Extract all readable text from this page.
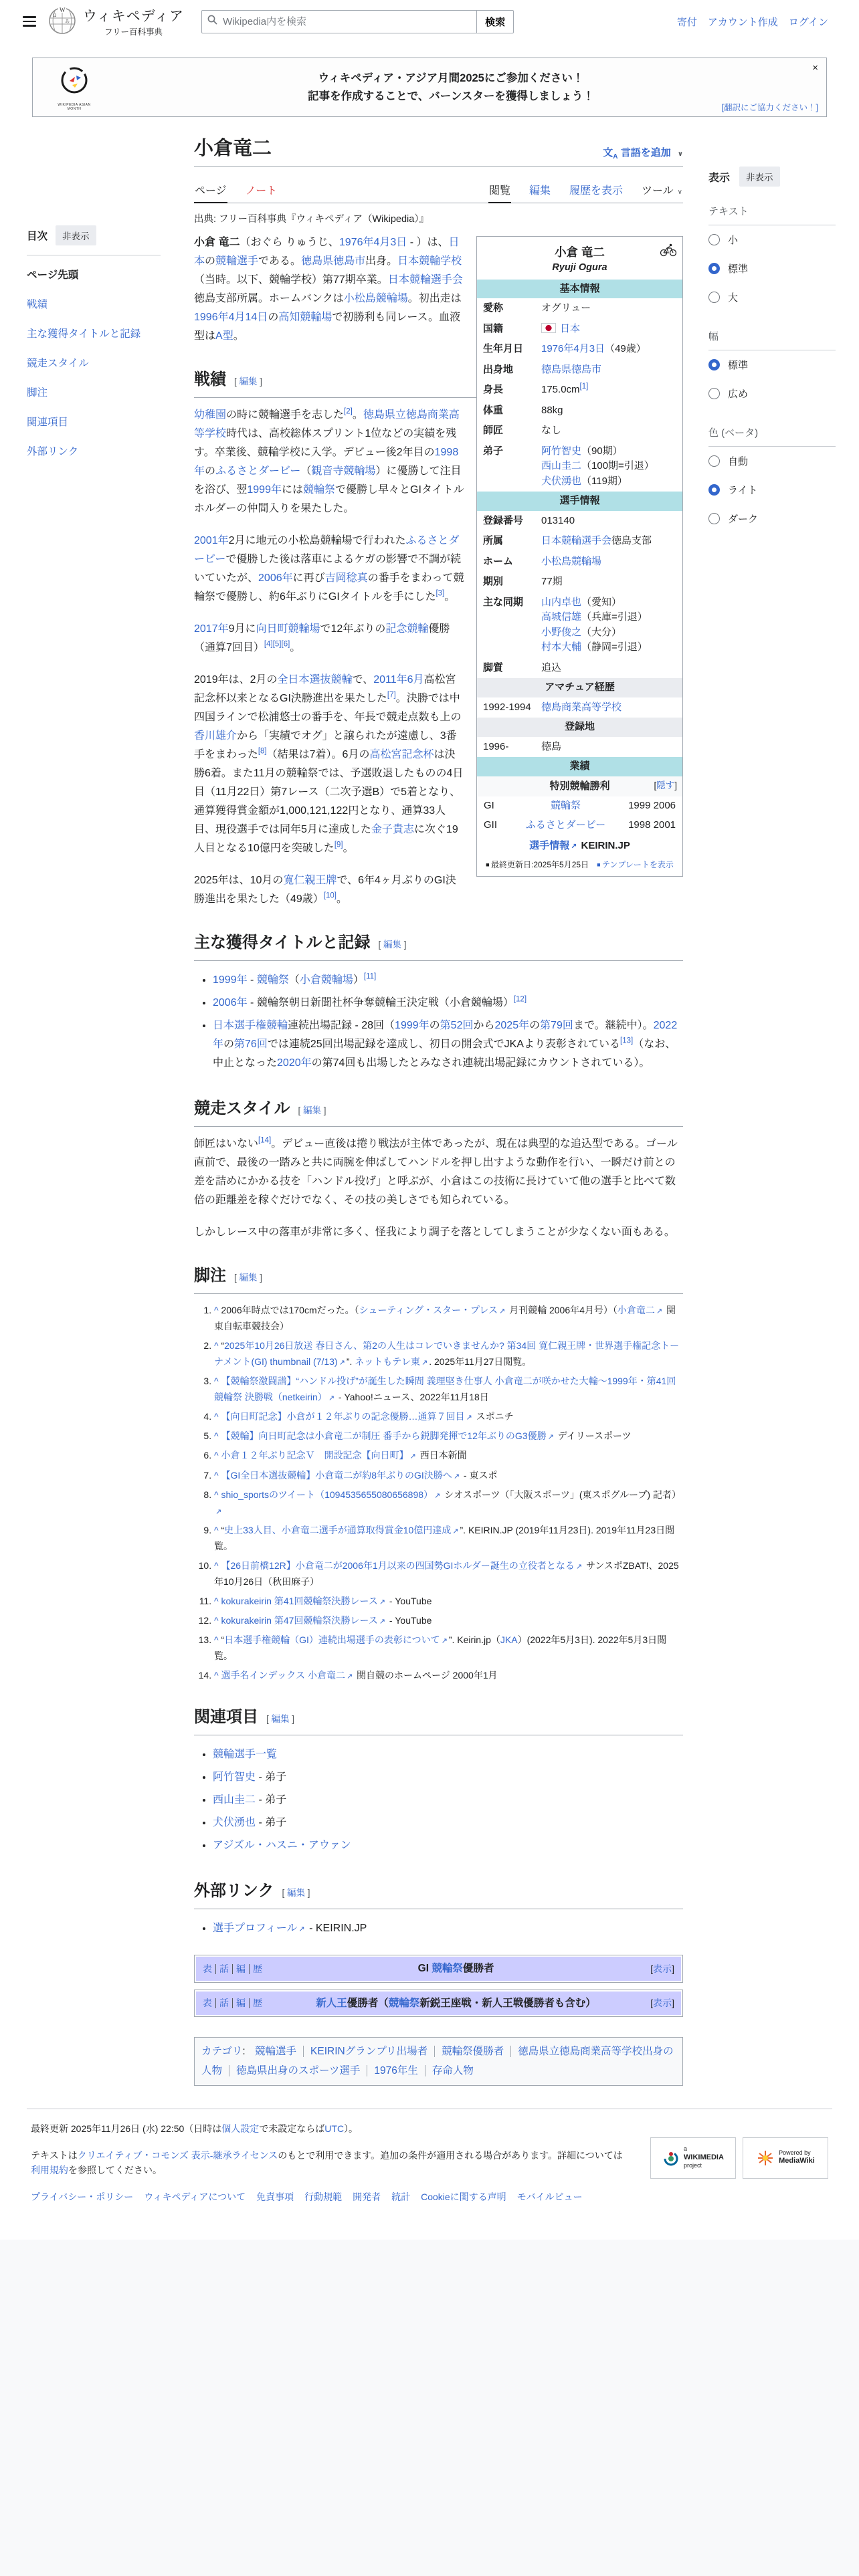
W
Ω
あ ウィキペディア
フリー百科事典
Wikipedia内を検索
検索	寄付 アカウント作成 ログイン
WIKIPEDIA ASIAN MONTH
ウィキペディア・アジア月間2025にご参加ください！
記事を作成することで、バーンスターを獲得しましょう！
×
[翻訳にご協力ください！]
目次	非表示
ページ先頭
戦績
主な獲得タイトルと記録
競走スタイル
脚注
関連項目
外部リンク
小倉竜二	文$_A$ 言語を追加 ∨
ページ ノート	閲覧 編集 履歴を表示 ツール ∨
出典: フリー百科事典『ウィキペディア（Wikipedia）』
小倉 竜二
Ryuji Ogura
基本情報
愛称	オグリュー
国籍	日本
生年月日	1976年4月3日（49歳）
出身地	徳島県徳島市
身長	175.0cm[1]
体重	88kg
師匠	なし
弟子	阿竹智史（90期）
西山圭二（100期=引退）
犬伏湧也（119期）
選手情報
登録番号	013140
所属	日本競輪選手会徳島支部
ホーム	小松島競輪場
期別	77期
主な同期	山内卓也（愛知）
高城信雄（兵庫=引退）
小野俊之（大分）
村本大輔（静岡=引退）
脚質	追込
アマチュア経歴
1992-1994	徳島商業高等学校
登録地
1996-	徳島
業績
特別競輪勝利	[隠す]
GI	競輪祭	1999 2006
GII	ふるさとダービー	1998 2001
選手情報 ↗ KEIRIN.JP
■ 最終更新日:2025年5月25日	■ テンプレートを表示

小倉 竜二（おぐら りゅうじ、1976年4月3日 - ）は、日本の競輪選手である。徳島県徳島市出身。日本競輪学校（当時。以下、競輪学校）第77期卒業。日本競輪選手会徳島支部所属。ホームバンクは小松島競輪場。初出走は1996年4月14日の高知競輪場で初勝利も同レース。血液型はA型。

戦績 [ 編集 ]

幼稚園の時に競輪選手を志した[2]。徳島県立徳島商業高等学校時代は、高校総体スプリント1位などの実績を残す。卒業後、競輪学校に入学。デビュー後2年目の1998年のふるさとダービー（観音寺競輪場）に優勝して注目を浴び、翌1999年には競輪祭で優勝し早々とGIタイトルホルダーの仲間入りを果たした。

2001年2月に地元の小松島競輪場で行われたふるさとダービーで優勝した後は落車によるケガの影響で不調が続いていたが、2006年に再び吉岡稔真の番手をまわって競輪祭で優勝し、約6年ぶりにGIタイトルを手にした[3]。

2017年9月に向日町競輪場で12年ぶりの記念競輪優勝（通算7回目）[4][5][6]。

2019年は、2月の全日本選抜競輪で、2011年6月高松宮記念杯以来となるGI決勝進出を果たした[7]。決勝では中四国ラインで松浦悠士の番手を、年長で競走点数も上の香川雄介から「実績でオグ」と譲られたが遠慮し、3番手をまわった[8]（結果は7着）。6月の高松宮記念杯は決勝6着。また11月の競輪祭では、予選敗退したものの4日目（11月22日）第7レース（二次予選B）で5着となり、通算獲得賞金額が1,000,121,122円となり、通算33人目、現役選手では同年5月に達成した金子貴志に次ぐ19人目となる10億円を突破した[9]。

2025年は、10月の寛仁親王牌で、6年4ヶ月ぶりのGI決勝進出を果たした（49歳）[10]。

主な獲得タイトルと記録 [ 編集 ]
• 1999年 - 競輪祭（小倉競輪場）[11]
• 2006年 - 競輪祭朝日新聞社杯争奪競輪王決定戦（小倉競輪場）[12]
• 日本選手権競輪連続出場記録 - 28回（1999年の第52回から2025年の第79回まで。継続中）。2022年の第76回では連続25回出場記録を達成し、初日の開会式でJKAより表彰されている[13]（なお、中止となった2020年の第74回も出場したとみなされ連続出場記録にカウントされている）。
競走スタイル [ 編集 ]

師匠はいない[14]。デビュー直後は捲り戦法が主体であったが、現在は典型的な追込型である。ゴール直前で、最後の一踏みと共に両腕を伸ばしてハンドルを押し出すような動作を行い、一瞬だけ前との差を詰めにかかる技を「ハンドル投げ」と呼ぶが、小倉はこの技術に長けていて他の選手と比べて数倍の距離差を稼ぐだけでなく、その技の美しさでも知られている。

しかしレース中の落車が非常に多く、怪我により調子を落としてしまうことが少なくない面もある。

脚注 [ 編集 ]
1. ^ 2006年時点では170cmだった。（シューティング・スター・プレス ↗ 月刊競輪 2006年4月号）（小倉竜二 ↗ 関東自転車競技会）
2. ^ “2025年10月26日放送 春日さん、第2の人生はコレでいきませんか? 第34回 寛仁親王牌・世界選手権記念トーナメント(GI) thumbnail (7/13) ↗ ”. ネットもテレ東 ↗ . 2025年11月27日閲覧。
3. ^ 【競輪祭激闘譜】“ハンドル投げ”が誕生した瞬間 義理堅き仕事人 小倉竜二が咲かせた大輪～1999年・第41回競輪祭 決勝戦（netkeirin） ↗ - Yahoo!ニュース、2022年11月18日
4. ^ 【向日町記念】小倉が１２年ぶりの記念優勝…通算７回目 ↗ スポニチ
5. ^ 【競輪】向日町記念は小倉竜二が制圧 番手から鋭脚発揮で12年ぶりのG3優勝 ↗ デイリースポーツ
6. ^ 小倉１２年ぶり記念Ｖ　開設記念【向日町】 ↗ 西日本新聞
7. ^ 【GI全日本選抜競輪】小倉竜二が約8年ぶりのGI決勝へ ↗ - 東スポ
8. ^ shio_sportsのツイート（1094535655080656898） ↗ シオスポーツ（「大阪スポーツ」(東スポグループ) 記者）↗
9. ^ “史上33人目、小倉竜二選手が通算取得賞金10億円達成 ↗ ”. KEIRIN.JP (2019年11月23日). 2019年11月23日閲覧。
10. ^ 【26日前橋12R】小倉竜二が2006年1月以来の四国勢GIホルダー誕生の立役者となる ↗ サンスポZBAT!、2025年10月26日（秋田麻子）
11. ^ kokurakeirin 第41回競輪祭決勝レース ↗ - YouTube
12. ^ kokurakeirin 第47回競輪祭決勝レース ↗ - YouTube
13. ^ “日本選手権競輪（GI）連続出場選手の表彰について ↗ ”. Keirin.jp（JKA）(2022年5月3日). 2022年5月3日閲覧。
14. ^ 選手名インデックス 小倉竜二 ↗ 関自競のホームページ 2000年1月
関連項目 [ 編集 ]
• 競輪選手一覧
• 阿竹智史 - 弟子
• 西山圭二 - 弟子
• 犬伏湧也 - 弟子
• アジズル・ハスニ・アウァン
外部リンク [ 編集 ]
• 選手プロフィール ↗ - KEIRIN.JP
表 話 編 歴	GI 競輪祭優勝者	[表示]
表 話 編 歴	新人王優勝者（競輪祭新鋭王座戦・新人王戦優勝者も含む）	[表示]
カテゴリ: 競輪選手 KEIRINグランプリ出場者 競輪祭優勝者 徳島県立徳島商業高等学校出身の人物 徳島県出身のスポーツ選手 1976年生 存命人物
表示	非表示
テキスト
小
標準
大
幅
標準
広め
色 (ベータ)
自動
ライト
ダーク

最終更新 2025年11月26日 (水) 22:50（日時は個人設定で未設定ならばUTC）。

テキストはクリエイティブ・コモンズ 表示-継承ライセンスのもとで利用できます。追加の条件が適用される場合があります。詳細については利用規約を参照してください。

プライバシー・ポリシー ウィキペディアについて 免責事項 行動規範 開発者 統計 Cookieに関する声明 モバイルビュー
a
WIKIMEDIA
project
Powered by
MediaWiki
